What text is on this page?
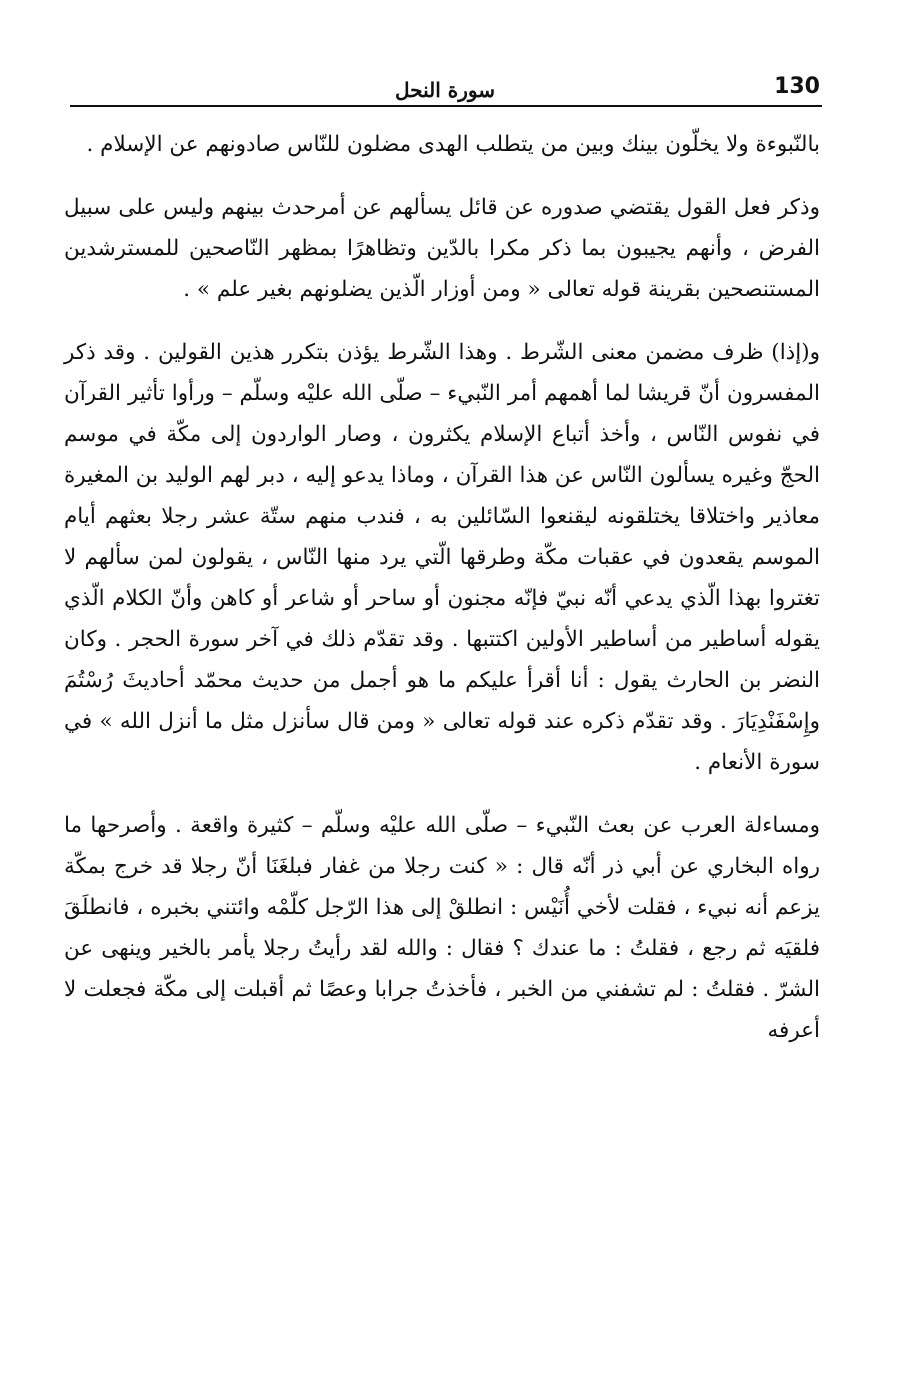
130
سورة النحل

بالنّبوءة ولا يخلّون بينك وبين من يتطلب الهدى مضلون للنّاس صادونهم عن الإسلام .

وذكر فعل القول يقتضي صدوره عن قائل يسألهم عن أمرحدث بينهم وليس على سبيل الفرض ، وأنهم يجيبون بما ذكر مكرا بالدّين وتظاهرًا بمظهر النّاصحين للمسترشدين المستنصحين بقرينة قوله تعالى « ومن أوزار الّذين يضلونهم بغير علم » .

و(إذا) ظرف مضمن معنى الشّرط . وهذا الشّرط يؤذن بتكرر هذين القولين . وقد ذكر المفسرون أنّ قريشا لما أهمهم أمر النّبيء – صلّى الله عليْه وسلّم – ورأوا تأثير القرآن في نفوس النّاس ، وأخذ أتباع الإسلام يكثرون ، وصار الواردون إلى مكّة في موسم الحجّ وغيره يسألون النّاس عن هذا القرآن ، وماذا يدعو إليه ، دبر لهم الوليد بن المغيرة معاذير واختلاقا يختلقونه ليقنعوا السّائلين به ، فندب منهم ستّة عشر رجلا بعثهم أيام الموسم يقعدون في عقبات مكّة وطرقها الّتي يرد منها النّاس ، يقولون لمن سألهم لا تغتروا بهذا الّذي يدعي أنّه نبيّ فإنّه مجنون أو ساحر أو شاعر أو كاهن وأنّ الكلام الّذي يقوله أساطير من أساطير الأولين اكتتبها . وقد تقدّم ذلك في آخر سورة الحجر . وكان النضر بن الحارث يقول : أنا أقرأ عليكم ما هو أجمل من حديث محمّد أحاديثَ رُسْتُمَ وإِسْفَنْدِيَارَ . وقد تقدّم ذكره عند قوله تعالى « ومن قال سأنزل مثل ما أنزل الله » في سورة الأنعام .

ومساءلة العرب عن بعث النّبيء – صلّى الله عليْه وسلّم – كثيرة واقعة . وأصرحها ما رواه البخاري عن أبي ذر أنّه قال : « كنت رجلا من غفار فبلغَنَا أنّ رجلا قد خرج بمكّة يزعم أنه نبيء ، فقلت لأخي أُنَيْس : انطلقْ إلى هذا الرّجل كلّمْه وائتني بخبره ، فانطلَقَ فلقيَه ثم رجع ، فقلتُ : ما عندك ؟ فقال : والله لقد رأيتُ رجلا يأمر بالخير وينهى عن الشرّ . فقلتُ : لم تشفني من الخبر ، فأخذتُ جرابا وعصًا ثم أقبلت إلى مكّة فجعلت لا أعرفه
